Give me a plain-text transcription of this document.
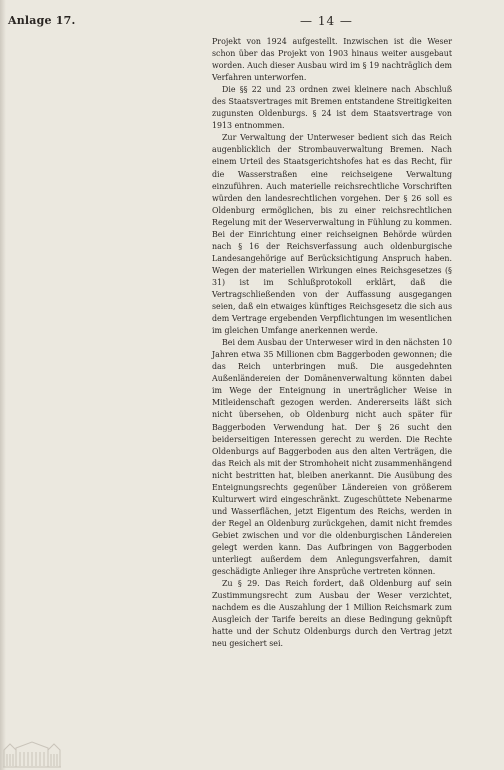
Anlage 17.	— 14 —

Projekt von 1924 aufgestellt. Inzwischen ist die Weser schon über das Projekt von 1903 hinaus weiter ausgebaut worden. Auch dieser Ausbau wird im § 19 nachträglich dem Verfahren unterworfen.

Die §§ 22 und 23 ordnen zwei kleinere nach Abschluß des Staatsvertrages mit Bremen entstandene Streitigkeiten zugunsten Oldenburgs. § 24 ist dem Staatsvertrage von 1913 entnommen.

Zur Verwaltung der Unterweser bedient sich das Reich augenblicklich der Strombauverwaltung Bremen. Nach einem Urteil des Staatsgerichtshofes hat es das Recht, für die Wasserstraßen eine reichseigene Verwaltung einzuführen. Auch materielle reichsrechtliche Vorschriften würden den landesrechtlichen vorgehen. Der § 26 soll es Oldenburg ermöglichen, bis zu einer reichsrechtlichen Regelung mit der Weserverwaltung in Fühlung zu kommen. Bei der Einrichtung einer reichseignen Behörde würden nach § 16 der Reichsverfassung auch oldenburgische Landesangehörige auf Berücksichtigung Anspruch haben. Wegen der materiellen Wirkungen eines Reichsgesetzes (§ 31) ist im Schlußprotokoll erklärt, daß die Vertragschließenden von der Auffassung ausgegangen seien, daß ein etwaiges künftiges Reichsgesetz die sich aus dem Vertrage ergebenden Verpflichtungen im wesentlichen im gleichen Umfange anerkennen werde.

Bei dem Ausbau der Unterweser wird in den nächsten 10 Jahren etwa 35 Millionen cbm Baggerboden gewonnen; die das Reich unterbringen muß. Die ausgedehnten Außenländereien der Domänenverwaltung könnten dabei im Wege der Enteignung in unerträglicher Weise in Mitleidenschaft gezogen werden. Andererseits läßt sich nicht übersehen, ob Oldenburg nicht auch später für Baggerboden Verwendung hat. Der § 26 sucht den beiderseitigen Interessen gerecht zu werden. Die Rechte Oldenburgs auf Baggerboden aus den alten Verträgen, die das Reich als mit der Stromhoheit nicht zusammenhängend nicht bestritten hat, bleiben anerkannt. Die Ausübung des Enteignungsrechts gegenüber Ländereien von größerem Kulturwert wird eingeschränkt. Zugeschüttete Nebenarme und Wasserflächen, jetzt Eigentum des Reichs, werden in der Regel an Oldenburg zurückgehen, damit nicht fremdes Gebiet zwischen und vor die oldenburgischen Ländereien gelegt werden kann. Das Aufbringen von Baggerboden unterliegt außerdem dem Anlegungsverfahren, damit geschädigte Anlieger ihre Ansprüche vertreten können.

Zu § 29. Das Reich fordert, daß Oldenburg auf sein Zustimmungsrecht zum Ausbau der Weser verzichtet, nachdem es die Auszahlung der 1 Million Reichsmark zum Ausgleich der Tarife bereits an diese Bedingung geknüpft hatte und der Schutz Oldenburgs durch den Vertrag jetzt neu gesichert sei.
